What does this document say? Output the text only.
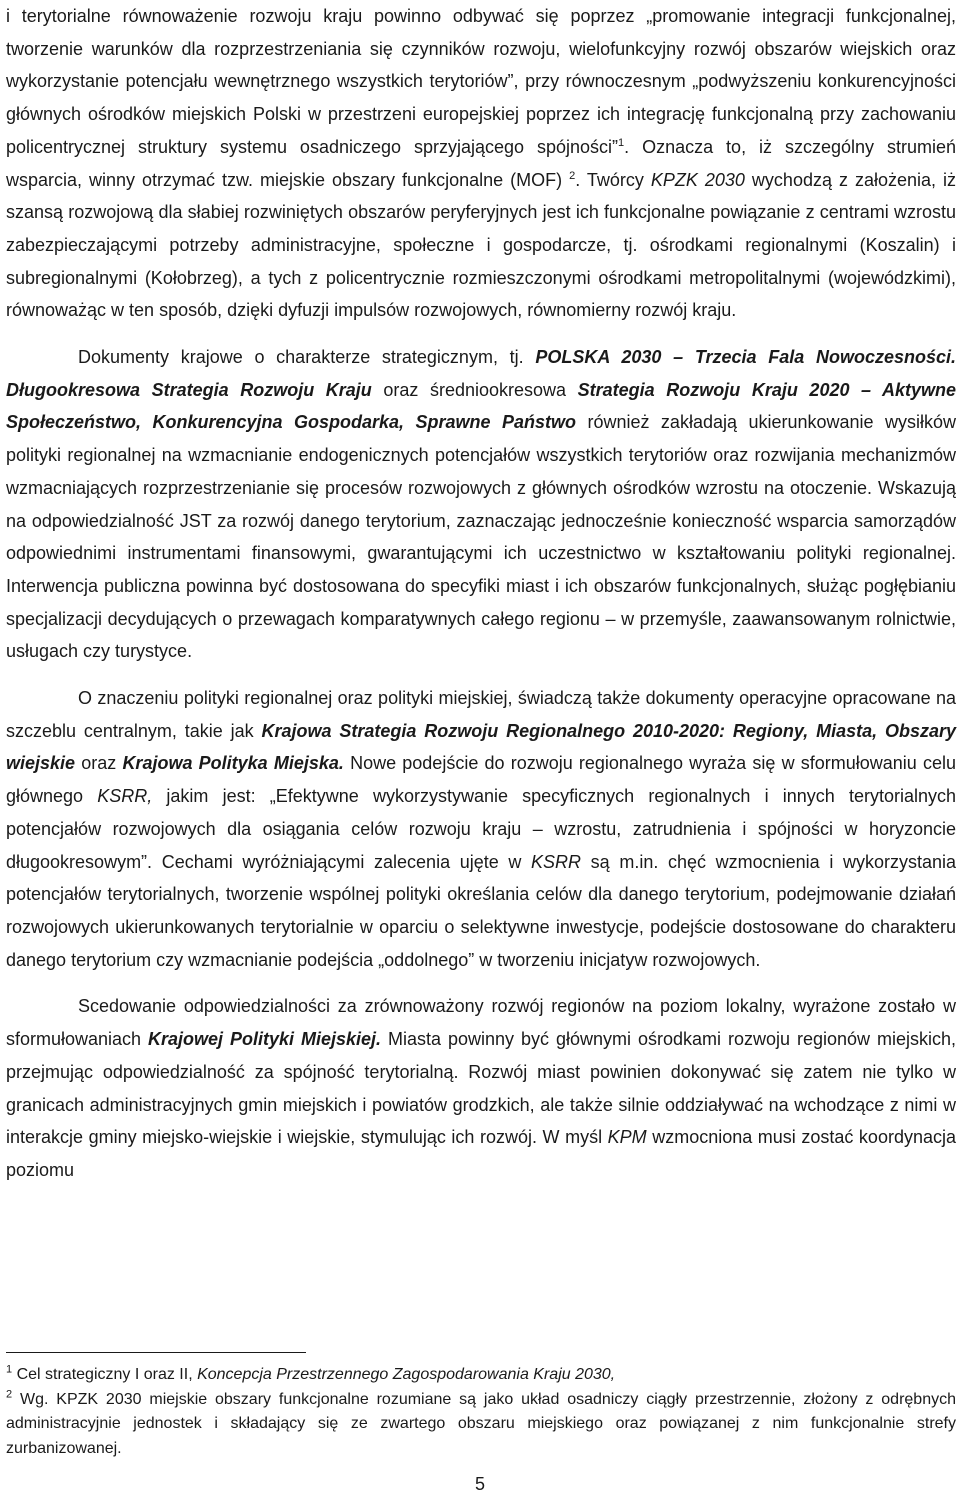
i terytorialne równoważenie rozwoju kraju powinno odbywać się poprzez „promowanie integracji funkcjonalnej, tworzenie warunków dla rozprzestrzeniania się czynników rozwoju, wielofunkcyjny rozwój obszarów wiejskich oraz wykorzystanie potencjału wewnętrznego wszystkich terytoriów”, przy równoczesnym „podwyższeniu konkurencyjności głównych ośrodków miejskich Polski w przestrzeni europejskiej poprzez ich integrację funkcjonalną przy zachowaniu policentrycznej struktury systemu osadniczego sprzyjającego spójności”$^1$. Oznacza to, iż szczególny strumień wsparcia, winny otrzymać tzw. miejskie obszary funkcjonalne (MOF) $^2$. Twórcy KPZK 2030 wychodzą z założenia, iż szansą rozwojową dla słabiej rozwiniętych obszarów peryferyjnych jest ich funkcjonalne powiązanie z centrami wzrostu zabezpieczającymi potrzeby administracyjne, społeczne i gospodarcze, tj. ośrodkami regionalnymi (Koszalin) i subregionalnymi (Kołobrzeg), a tych z policentrycznie rozmieszczonymi ośrodkami metropolitalnymi (wojewódzkimi), równoważąc w ten sposób, dzięki dyfuzji impulsów rozwojowych, równomierny rozwój kraju.

Dokumenty krajowe o charakterze strategicznym, tj. POLSKA 2030 – Trzecia Fala Nowoczesności. Długookresowa Strategia Rozwoju Kraju oraz średniookresowa Strategia Rozwoju Kraju 2020 – Aktywne Społeczeństwo, Konkurencyjna Gospodarka, Sprawne Państwo również zakładają ukierunkowanie wysiłków polityki regionalnej na wzmacnianie endogenicznych potencjałów wszystkich terytoriów oraz rozwijania mechanizmów wzmacniających rozprzestrzenianie się procesów rozwojowych z głównych ośrodków wzrostu na otoczenie. Wskazują na odpowiedzialność JST za rozwój danego terytorium, zaznaczając jednocześnie konieczność wsparcia samorządów odpowiednimi instrumentami finansowymi, gwarantującymi ich uczestnictwo w kształtowaniu polityki regionalnej. Interwencja publiczna powinna być dostosowana do specyfiki miast i ich obszarów funkcjonalnych, służąc pogłębianiu specjalizacji decydujących o przewagach komparatywnych całego regionu – w przemyśle, zaawansowanym rolnictwie, usługach czy turystyce.

O znaczeniu polityki regionalnej oraz polityki miejskiej, świadczą także dokumenty operacyjne opracowane na szczeblu centralnym, takie jak Krajowa Strategia Rozwoju Regionalnego 2010-2020: Regiony, Miasta, Obszary wiejskie oraz Krajowa Polityka Miejska. Nowe podejście do rozwoju regionalnego wyraża się w sformułowaniu celu głównego KSRR, jakim jest: „Efektywne wykorzystywanie specyficznych regionalnych i innych terytorialnych potencjałów rozwojowych dla osiągania celów rozwoju kraju – wzrostu, zatrudnienia i spójności w horyzoncie długookresowym”. Cechami wyróżniającymi zalecenia ujęte w KSRR są m.in. chęć wzmocnienia i wykorzystania potencjałów terytorialnych, tworzenie wspólnej polityki określania celów dla danego terytorium, podejmowanie działań rozwojowych ukierunkowanych terytorialnie w oparciu o selektywne inwestycje, podejście dostosowane do charakteru danego terytorium czy wzmacnianie podejścia „oddolnego” w tworzeniu inicjatyw rozwojowych.

Scedowanie odpowiedzialności za zrównoważony rozwój regionów na poziom lokalny, wyrażone zostało w sformułowaniach Krajowej Polityki Miejskiej. Miasta powinny być głównymi ośrodkami rozwoju regionów miejskich, przejmując odpowiedzialność za spójność terytorialną. Rozwój miast powinien dokonywać się zatem nie tylko w granicach administracyjnych gmin miejskich i powiatów grodzkich, ale także silnie oddziaływać na wchodzące z nimi w interakcje gminy miejsko-wiejskie i wiejskie, stymulując ich rozwój. W myśl KPM wzmocniona musi zostać koordynacja poziomu

$^1$ Cel strategiczny I oraz II, Koncepcja Przestrzennego Zagospodarowania Kraju 2030,

$^2$ Wg. KPZK 2030 miejskie obszary funkcjonalne rozumiane są jako układ osadniczy ciągły przestrzennie, złożony z odrębnych administracyjnie jednostek i składający się ze zwartego obszaru miejskiego oraz powiązanej z nim funkcjonalnie strefy zurbanizowanej.

5
